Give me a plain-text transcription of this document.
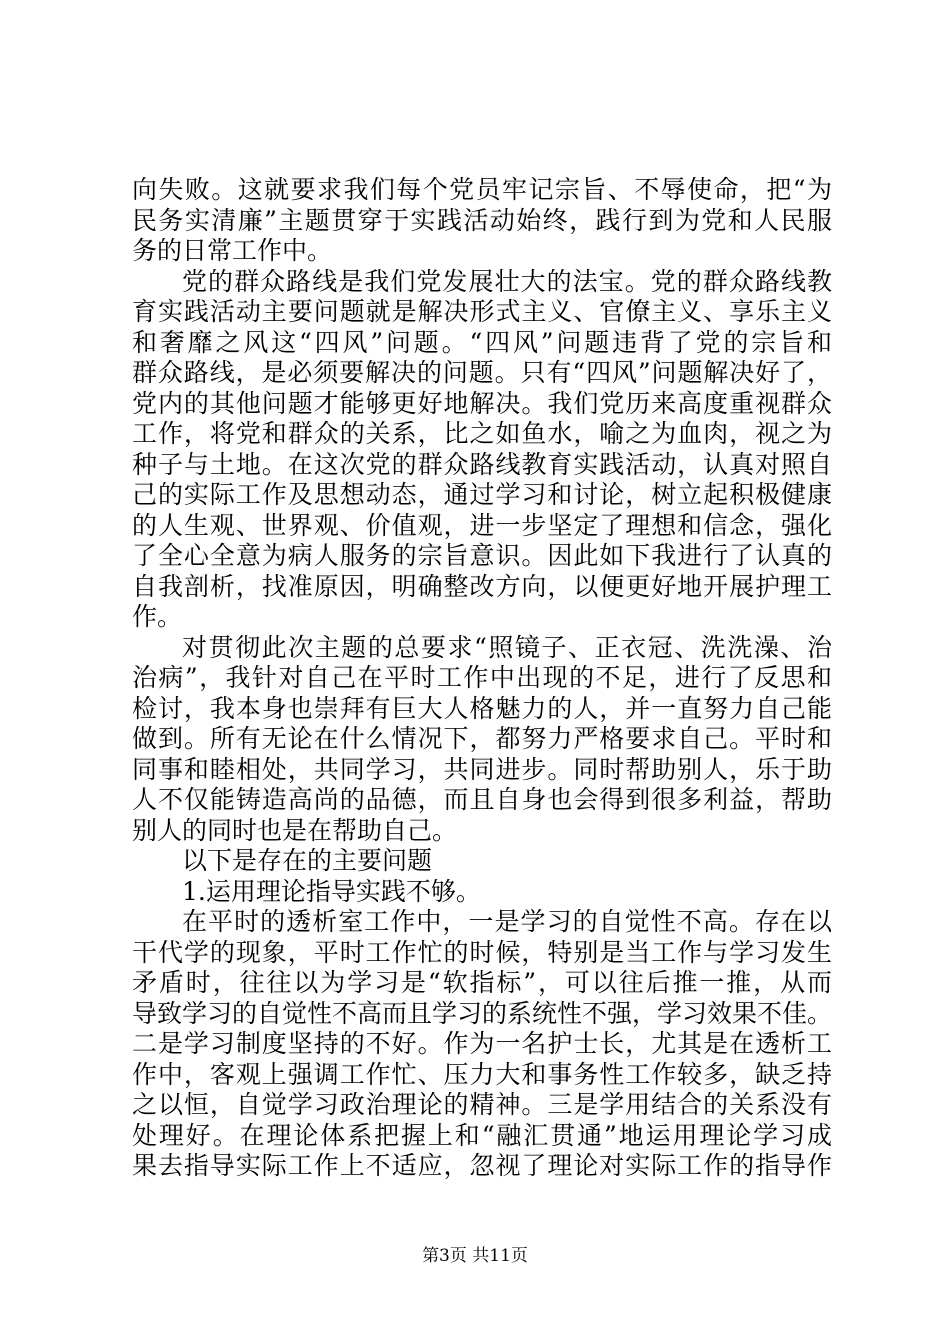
向失败。这就要求我们每个党员牢记宗旨、不辱使命，把“为
民务实清廉”主题贯穿于实践活动始终，践行到为党和人民服
务的日常工作中。
党的群众路线是我们党发展壮大的法宝。党的群众路线教
育实践活动主要问题就是解决形式主义、官僚主义、享乐主义
和奢靡之风这“四风”问题。“四风”问题违背了党的宗旨和
群众路线，是必须要解决的问题。只有“四风”问题解决好了，
党内的其他问题才能够更好地解决。我们党历来高度重视群众
工作，将党和群众的关系，比之如鱼水，喻之为血肉，视之为
种子与土地。在这次党的群众路线教育实践活动，认真对照自
己的实际工作及思想动态，通过学习和讨论，树立起积极健康
的人生观、世界观、价值观，进一步坚定了理想和信念，强化
了全心全意为病人服务的宗旨意识。因此如下我进行了认真的
自我剖析，找准原因，明确整改方向，以便更好地开展护理工
作。
对贯彻此次主题的总要求“照镜子、正衣冠、洗洗澡、治
治病”，我针对自己在平时工作中出现的不足，进行了反思和
检讨，我本身也崇拜有巨大人格魅力的人，并一直努力自己能
做到。所有无论在什么情况下，都努力严格要求自己。平时和
同事和睦相处，共同学习，共同进步。同时帮助别人，乐于助
人不仅能铸造高尚的品德，而且自身也会得到很多利益，帮助
别人的同时也是在帮助自己。
以下是存在的主要问题
1.运用理论指导实践不够。
在平时的透析室工作中，一是学习的自觉性不高。存在以
干代学的现象，平时工作忙的时候，特别是当工作与学习发生
矛盾时，往往以为学习是“软指标”，可以往后推一推，从而
导致学习的自觉性不高而且学习的系统性不强，学习效果不佳。
二是学习制度坚持的不好。作为一名护士长，尤其是在透析工
作中，客观上强调工作忙、压力大和事务性工作较多，缺乏持
之以恒，自觉学习政治理论的精神。三是学用结合的关系没有
处理好。在理论体系把握上和“融汇贯通”地运用理论学习成
果去指导实际工作上不适应，忽视了理论对实际工作的指导作
第3页 共11页
